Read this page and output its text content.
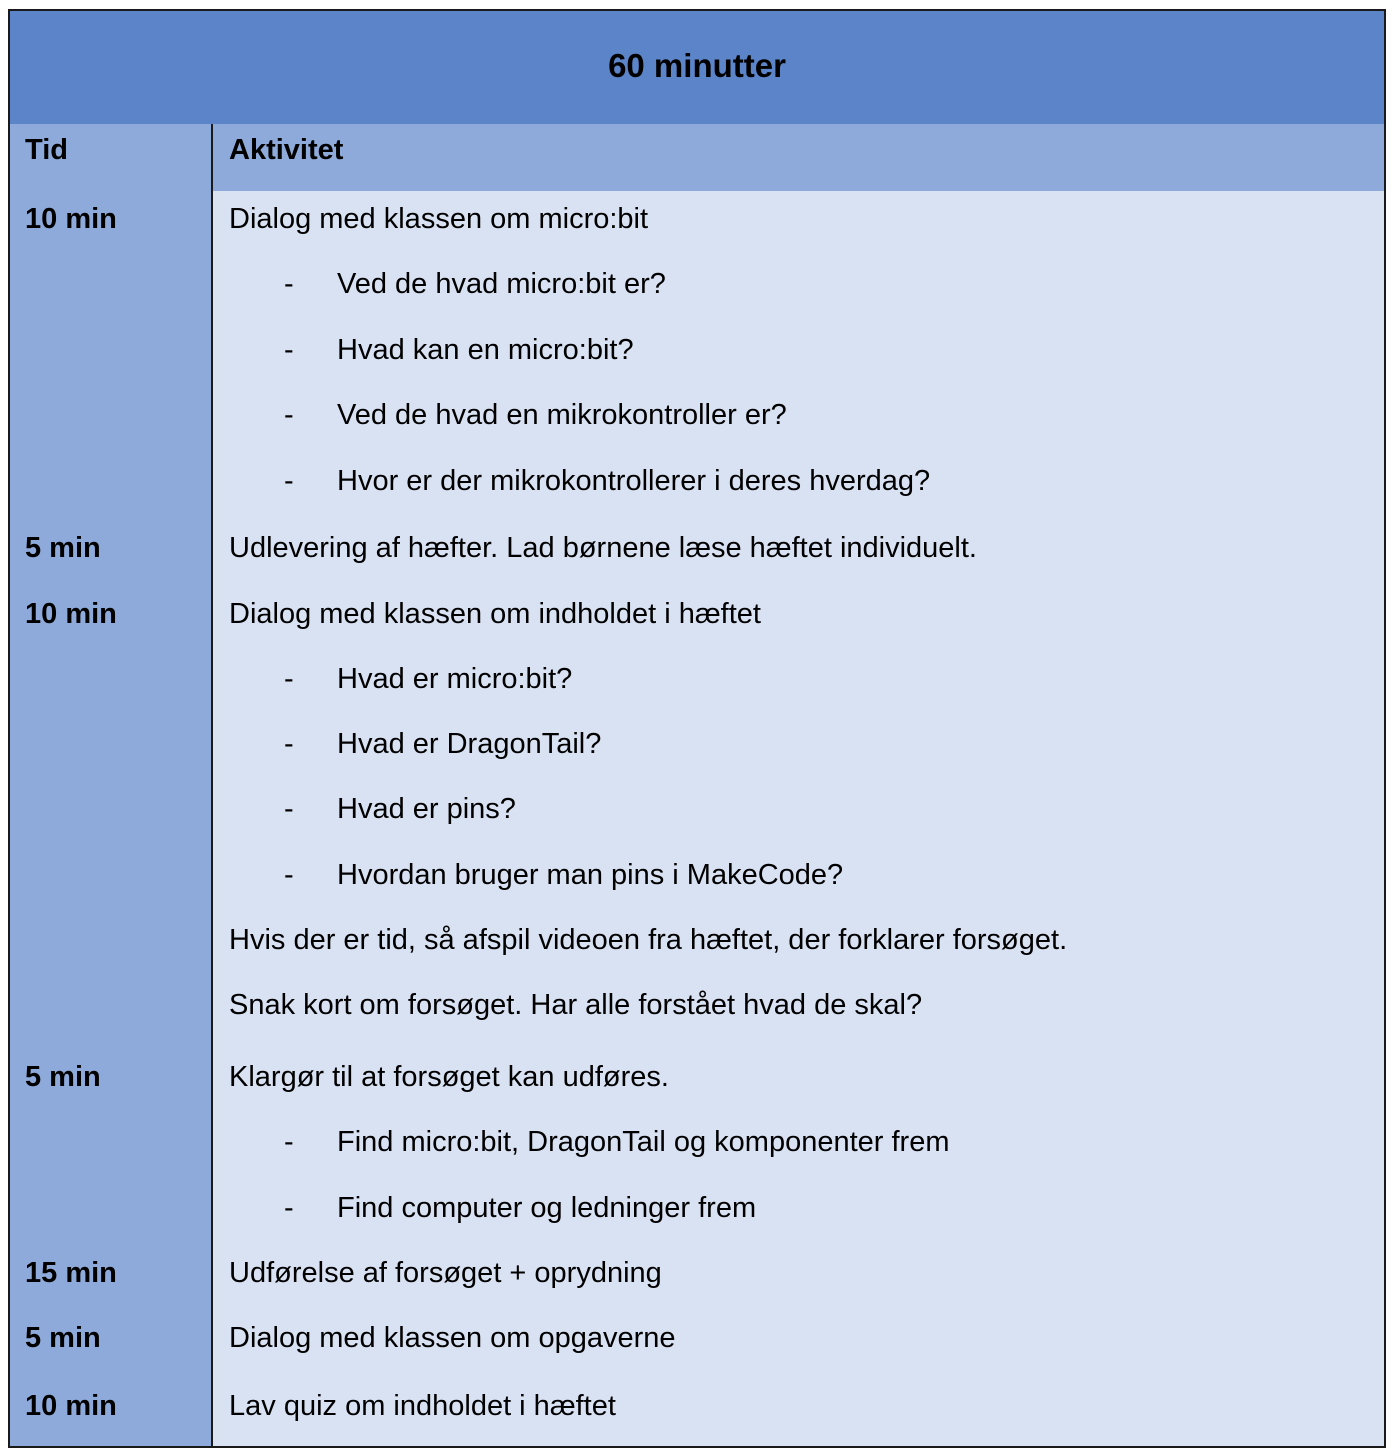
60 minutter
Tid	Aktivitet
10 min	Dialog med klassen om micro:bit
- Ved de hvad micro:bit er?
- Hvad kan en micro:bit?
- Ved de hvad en mikrokontroller er?
- Hvor er der mikrokontrollerer i deres hverdag?
5 min	Udlevering af hæfter. Lad børnene læse hæftet individuelt.
10 min	Dialog med klassen om indholdet i hæftet
- Hvad er micro:bit?
- Hvad er DragonTail?
- Hvad er pins?
- Hvordan bruger man pins i MakeCode?
Hvis der er tid, så afspil videoen fra hæftet, der forklarer forsøget.
Snak kort om forsøget. Har alle forstået hvad de skal?
5 min	Klargør til at forsøget kan udføres.
- Find micro:bit, DragonTail og komponenter frem
- Find computer og ledninger frem
15 min	Udførelse af forsøget + oprydning
5 min	Dialog med klassen om opgaverne
10 min	Lav quiz om indholdet i hæftet
